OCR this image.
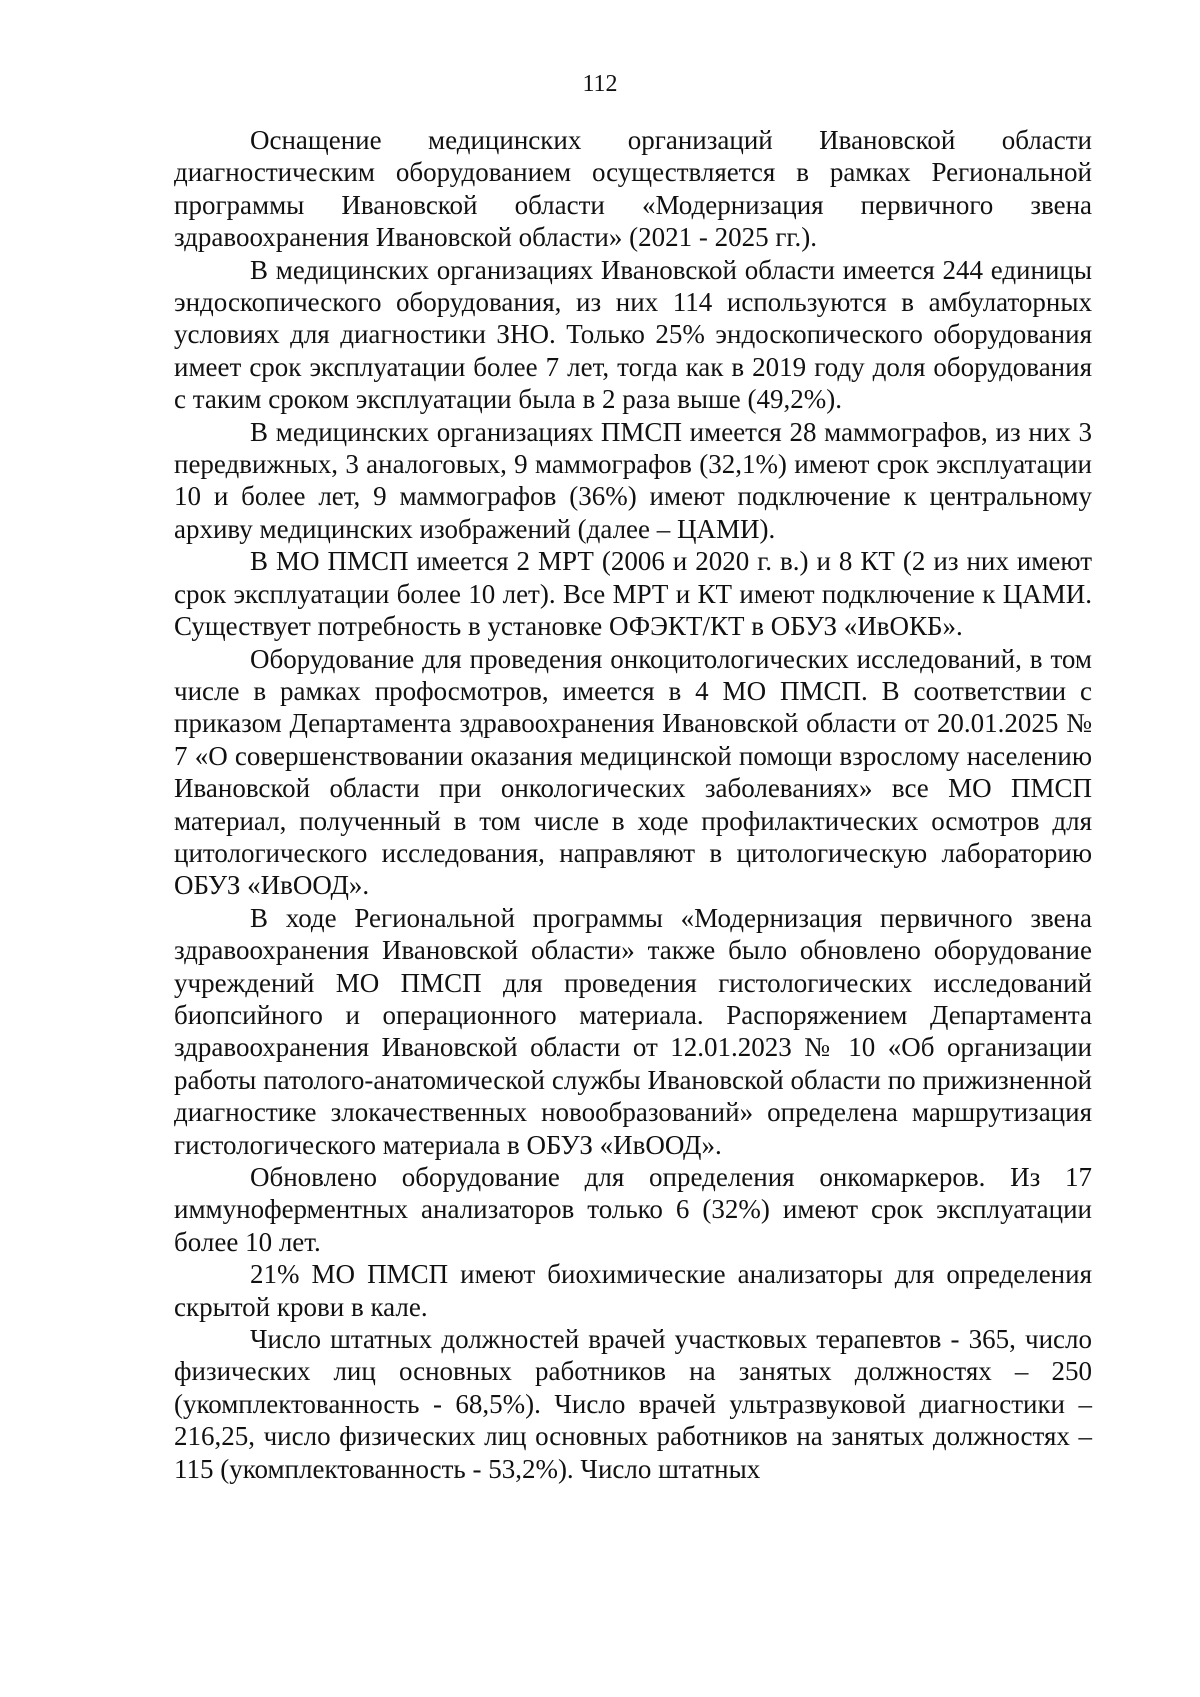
112

Оснащение медицинских организаций Ивановской области диагностическим оборудованием осуществляется в рамках Региональной программы Ивановской области «Модернизация первичного звена здравоохранения Ивановской области» (2021 - 2025 гг.).

В медицинских организациях Ивановской области имеется 244 единицы эндоскопического оборудования, из них 114 используются в амбулаторных условиях для диагностики ЗНО. Только 25% эндоскопического оборудования имеет срок эксплуатации более 7 лет, тогда как в 2019 году доля оборудования с таким сроком эксплуатации была в 2 раза выше (49,2%).

В медицинских организациях ПМСП имеется 28 маммографов, из них 3 передвижных, 3 аналоговых, 9 маммографов (32,1%) имеют срок эксплуатации 10 и более лет, 9 маммографов (36%) имеют подключение к центральному архиву медицинских изображений (далее – ЦАМИ).

В МО ПМСП имеется 2 МРТ (2006 и 2020 г. в.) и 8 КТ (2 из них имеют срок эксплуатации более 10 лет). Все МРТ и КТ имеют подключение к ЦАМИ. Существует потребность в установке ОФЭКТ/КТ в ОБУЗ «ИвОКБ».

Оборудование для проведения онкоцитологических исследований, в том числе в рамках профосмотров, имеется в 4 МО ПМСП. В соответствии с приказом Департамента здравоохранения Ивановской области от 20.01.2025 № 7 «О совершенствовании оказания медицинской помощи взрослому населению Ивановской области при онкологических заболеваниях» все МО ПМСП материал, полученный в том числе в ходе профилактических осмотров для цитологического исследования, направляют в цитологическую лабораторию ОБУЗ «ИвООД».

В ходе Региональной программы «Модернизация первичного звена здравоохранения Ивановской области» также было обновлено оборудование учреждений МО ПМСП для проведения гистологических исследований биопсийного и операционного материала. Распоряжением Департамента здравоохранения Ивановской области от 12.01.2023 № 10 «Об организации работы патолого-анатомической службы Ивановской области по прижизненной диагностике злокачественных новообразований» определена маршрутизация гистологического материала в ОБУЗ «ИвООД».

Обновлено оборудование для определения онкомаркеров. Из 17 иммуноферментных анализаторов только 6 (32%) имеют срок эксплуатации более 10 лет.

21% МО ПМСП имеют биохимические анализаторы для определения скрытой крови в кале.

Число штатных должностей врачей участковых терапевтов - 365, число физических лиц основных работников на занятых должностях – 250 (укомплектованность - 68,5%). Число врачей ультразвуковой диагностики – 216,25, число физических лиц основных работников на занятых должностях – 115 (укомплектованность - 53,2%). Число штатных
